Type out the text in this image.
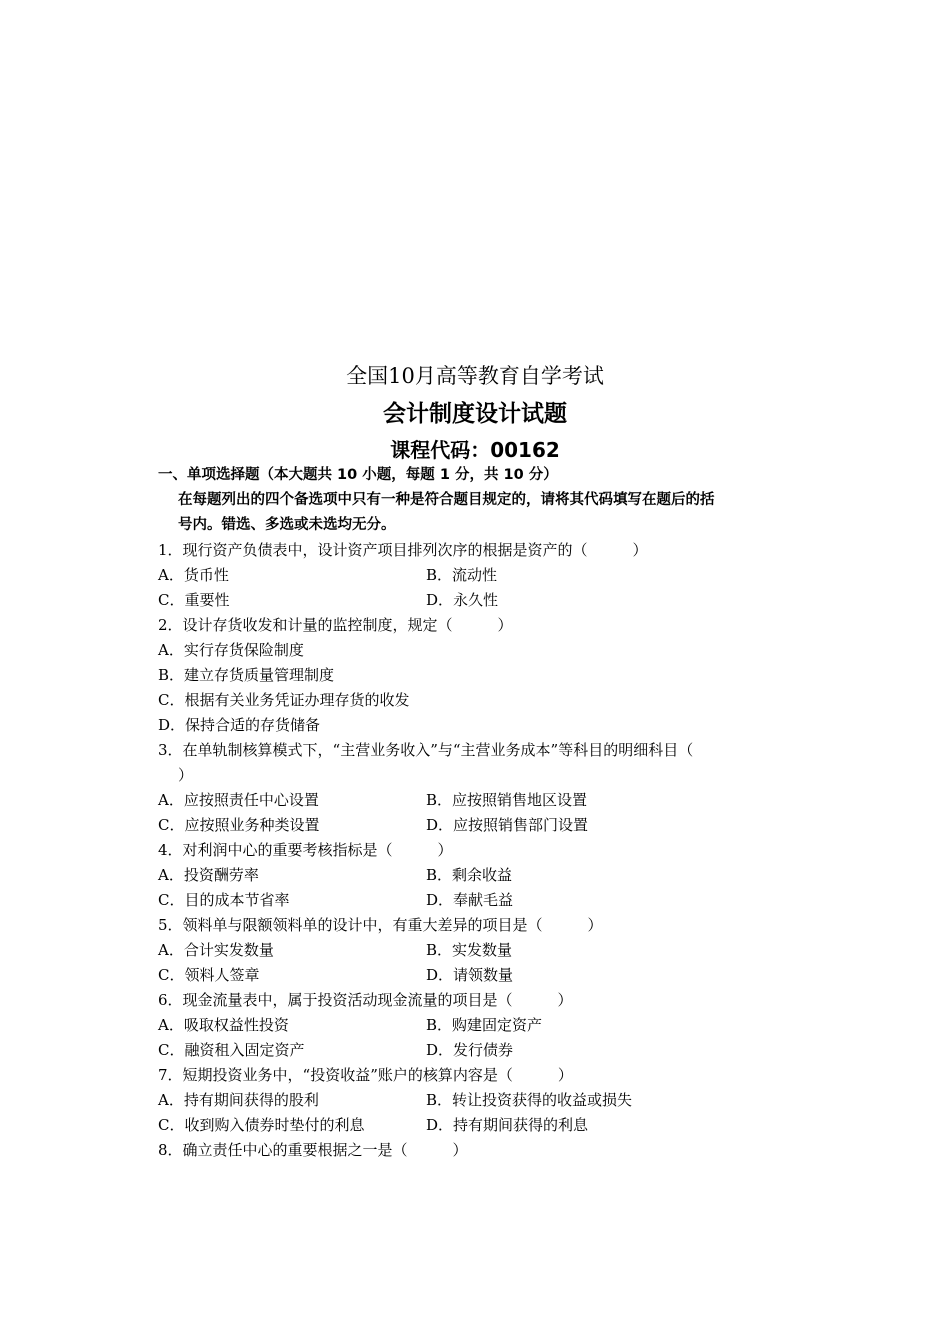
全国10月高等教育自学考试
会计制度设计试题
课程代码：00162
一、单项选择题（本大题共 10 小题，每题 1 分，共 10 分）
在每题列出的四个备选项中只有一种是符合题目规定的，请将其代码填写在题后的括
号内。错选、多选或未选均无分。
1．现行资产负债表中，设计资产项目排列次序的根据是资产的（　　　）
A．货币性	B．流动性
C．重要性	D．永久性
2．设计存货收发和计量的监控制度，规定（　　　）
A．实行存货保险制度
B．建立存货质量管理制度
C．根据有关业务凭证办理存货的收发
D．保持合适的存货储备
3．在单轨制核算模式下，“主营业务收入”与“主营业务成本”等科目的明细科目（
）
A．应按照责任中心设置	B．应按照销售地区设置
C．应按照业务种类设置	D．应按照销售部门设置
4．对利润中心的重要考核指标是（　　　）
A．投资酬劳率	B．剩余收益
C．目的成本节省率	D．奉献毛益
5．领料单与限额领料单的设计中，有重大差异的项目是（　　　）
A．合计实发数量	B．实发数量
C．领料人签章	D．请领数量
6．现金流量表中，属于投资活动现金流量的项目是（　　　）
A．吸取权益性投资	B．购建固定资产
C．融资租入固定资产	D．发行债券
7．短期投资业务中，“投资收益”账户的核算内容是（　　　）
A．持有期间获得的股利	B．转让投资获得的收益或损失
C．收到购入债券时垫付的利息	D．持有期间获得的利息
8．确立责任中心的重要根据之一是（　　　）
